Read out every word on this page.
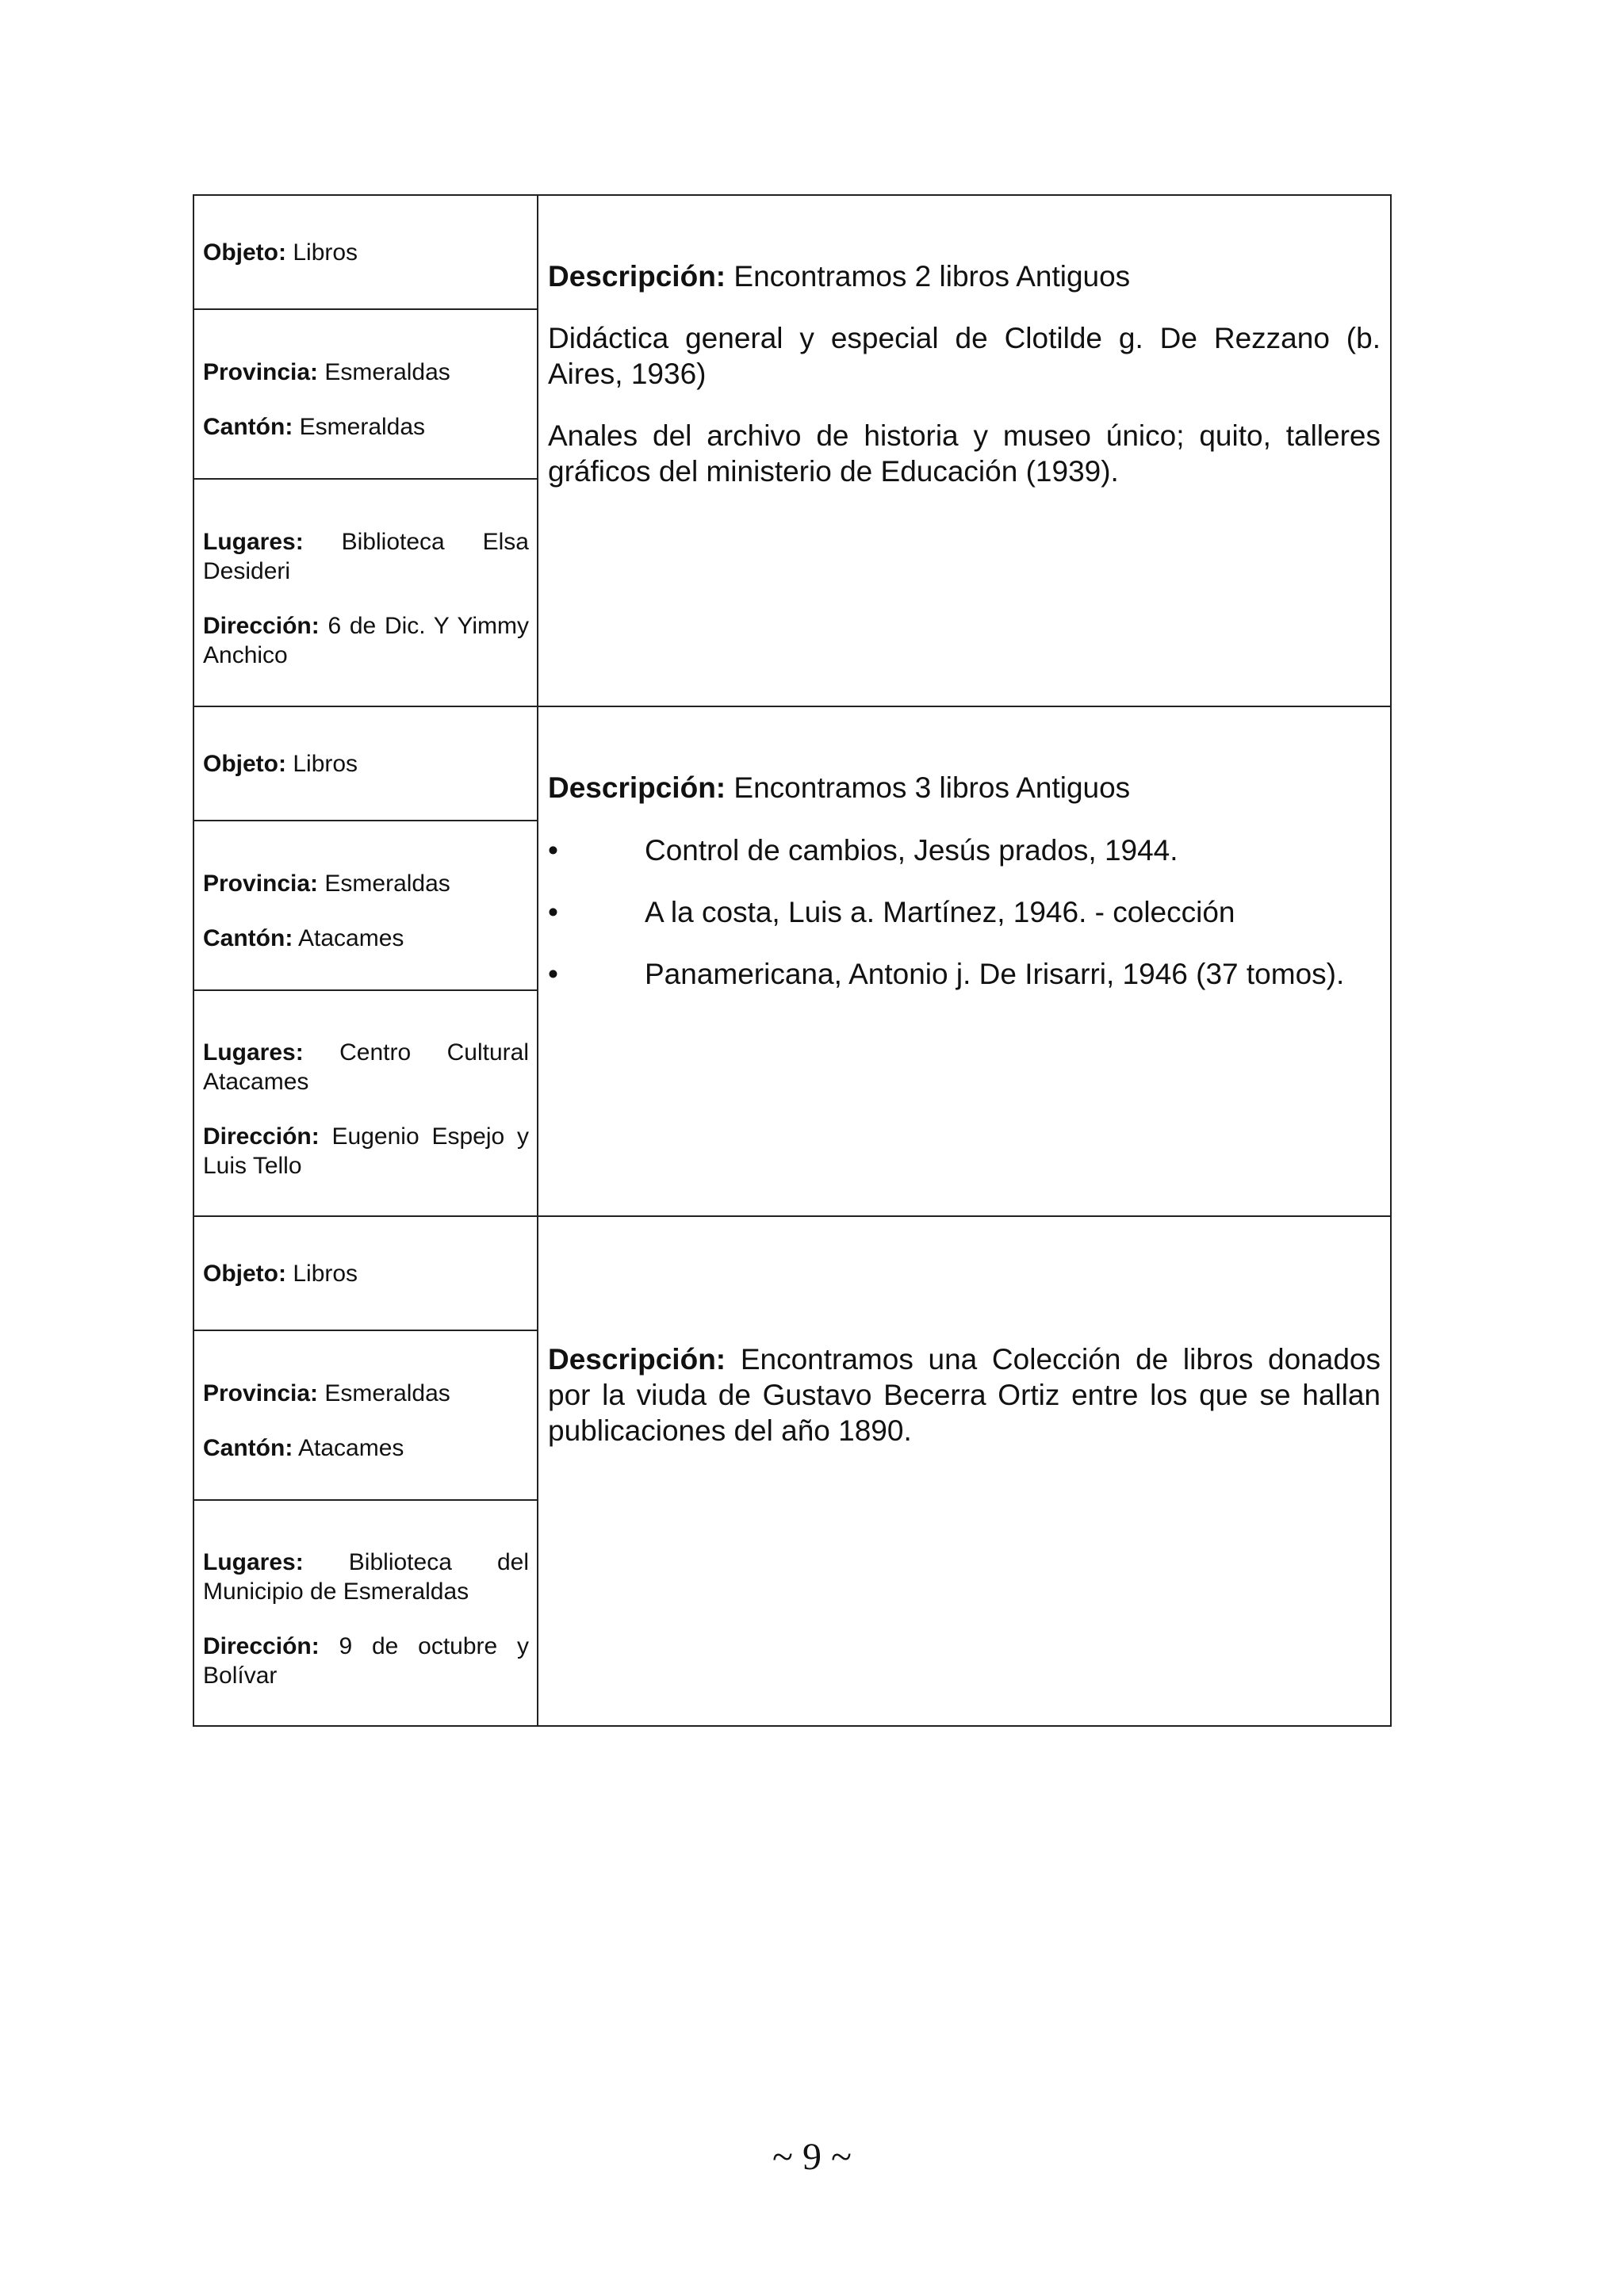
Objeto: Libros

Provincia: Esmeraldas

Cantón: Esmeraldas

Lugares: Biblioteca Elsa Desideri

Dirección: 6 de Dic. Y Yimmy Anchico

Descripción: Encontramos 2 libros Antiguos

Didáctica general y especial de Clotilde g. De Rezzano (b. Aires, 1936)

Anales del archivo de historia y museo único; quito, talleres gráficos del ministerio de Educación (1939).

Objeto: Libros

Provincia: Esmeraldas

Cantón: Atacames

Lugares: Centro Cultural Atacames

Dirección: Eugenio Espejo y Luis Tello

Descripción: Encontramos 3 libros Antiguos

•	Control de cambios, Jesús prados, 1944.
•	A la costa, Luis a. Martínez, 1946. - colección
•	Panamericana, Antonio j. De Irisarri, 1946 (37 tomos).

Objeto: Libros

Provincia: Esmeraldas

Cantón: Atacames

Lugares: Biblioteca del Municipio de Esmeraldas

Dirección: 9 de octubre y Bolívar

Descripción: Encontramos una Colección de libros donados por la viuda de Gustavo Becerra Ortiz entre los que se hallan publicaciones del año 1890.

~ 9 ~
